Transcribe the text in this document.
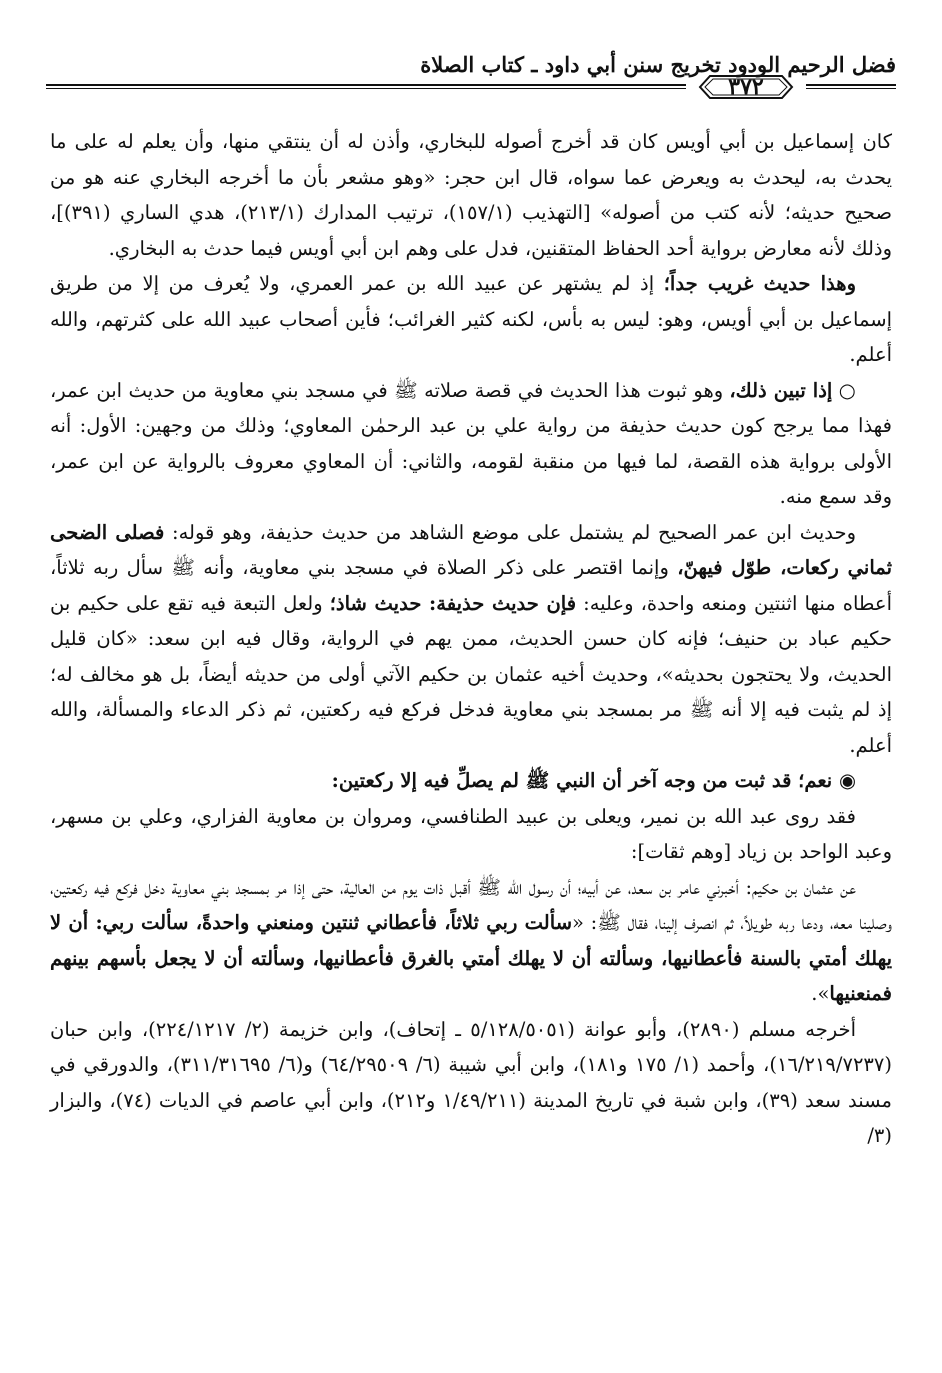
فضل الرحيم الودود تخريج سنن أبي داود ـ كتاب الصلاة
٣٧٢

كان إسماعيل بن أبي أويس كان قد أخرج أصوله للبخاري، وأذن له أن ينتقي منها، وأن يعلم له على ما يحدث به، ليحدث به ويعرض عما سواه، قال ابن حجر: «وهو مشعر بأن ما أخرجه البخاري عنه هو من صحيح حديثه؛ لأنه كتب من أصوله» [التهذيب (١٥٧/١)، ترتيب المدارك (٢١٣/١)، هدي الساري (٣٩١)]، وذلك لأنه معارض برواية أحد الحفاظ المتقنين، فدل على وهم ابن أبي أويس فيما حدث به البخاري.

وهذا حديث غريب جداً؛ إذ لم يشتهر عن عبيد الله بن عمر العمري، ولا يُعرف من إلا من طريق إسماعيل بن أبي أويس، وهو: ليس به بأس، لكنه كثير الغرائب؛ فأين أصحاب عبيد الله على كثرتهم، والله أعلم.

○ إذا تبين ذلك، وهو ثبوت هذا الحديث في قصة صلاته ﷺ في مسجد بني معاوية من حديث ابن عمر، فهذا مما يرجح كون حديث حذيفة من رواية علي بن عبد الرحمٰن المعاوي؛ وذلك من وجهين: الأول: أنه الأولى برواية هذه القصة، لما فيها من منقبة لقومه، والثاني: أن المعاوي معروف بالرواية عن ابن عمر، وقد سمع منه.

وحديث ابن عمر الصحيح لم يشتمل على موضع الشاهد من حديث حذيفة، وهو قوله: فصلى الضحى ثماني ركعات، طوّل فيهنّ، وإنما اقتصر على ذكر الصلاة في مسجد بني معاوية، وأنه ﷺ سأل ربه ثلاثاً، أعطاه منها اثنتين ومنعه واحدة، وعليه: فإن حديث حذيفة: حديث شاذ؛ ولعل التبعة فيه تقع على حكيم بن حكيم عباد بن حنيف؛ فإنه كان حسن الحديث، ممن يهم في الرواية، وقال فيه ابن سعد: «كان قليل الحديث، ولا يحتجون بحديثه»، وحديث أخيه عثمان بن حكيم الآتي أولى من حديثه أيضاً، بل هو مخالف له؛ إذ لم يثبت فيه إلا أنه ﷺ مر بمسجد بني معاوية فدخل فركع فيه ركعتين، ثم ذكر الدعاء والمسألة، والله أعلم.

◉ نعم؛ قد ثبت من وجه آخر أن النبي ﷺ لم يصلِّ فيه إلا ركعتين:

فقد روى عبد الله بن نمير، ويعلى بن عبيد الطنافسي، ومروان بن معاوية الفزاري، وعلي بن مسهر، وعبد الواحد بن زياد [وهم ثقات]:

عن عثمان بن حكيم: أخبرني عامر بن سعد، عن أبيه؛ أن رسول الله ﷺ أقبل ذات يوم من العالية، حتى إذا مر بمسجد بني معاوية دخل فركع فيه ركعتين، وصلينا معه، ودعا ربه طويلاً، ثم انصرف إلينا، فقال ﷺ: «سألت ربي ثلاثاً، فأعطاني ثنتين ومنعني واحدةً، سألت ربي: أن لا يهلك أمتي بالسنة فأعطانيها، وسألته أن لا يهلك أمتي بالغرق فأعطانيها، وسألته أن لا يجعل بأسهم بينهم فمنعنيها».

أخرجه مسلم (٢٨٩٠)، وأبو عوانة (٥/١٢٨/٥٠٥١ ـ إتحاف)، وابن خزيمة (٢/ ٢٢٤/١٢١٧)، وابن حبان (١٦/٢١٩/٧٢٣٧)، وأحمد (١/ ١٧٥ و١٨١)، وابن أبي شيبة (٦/ ٦٤/٢٩٥٠٩) و(٦/ ٣١١/٣١٦٩٥)، والدورقي في مسند سعد (٣٩)، وابن شبة في تاريخ المدينة (١/٤٩/٢١١ و٢١٢)، وابن أبي عاصم في الديات (٧٤)، والبزار (٣/
